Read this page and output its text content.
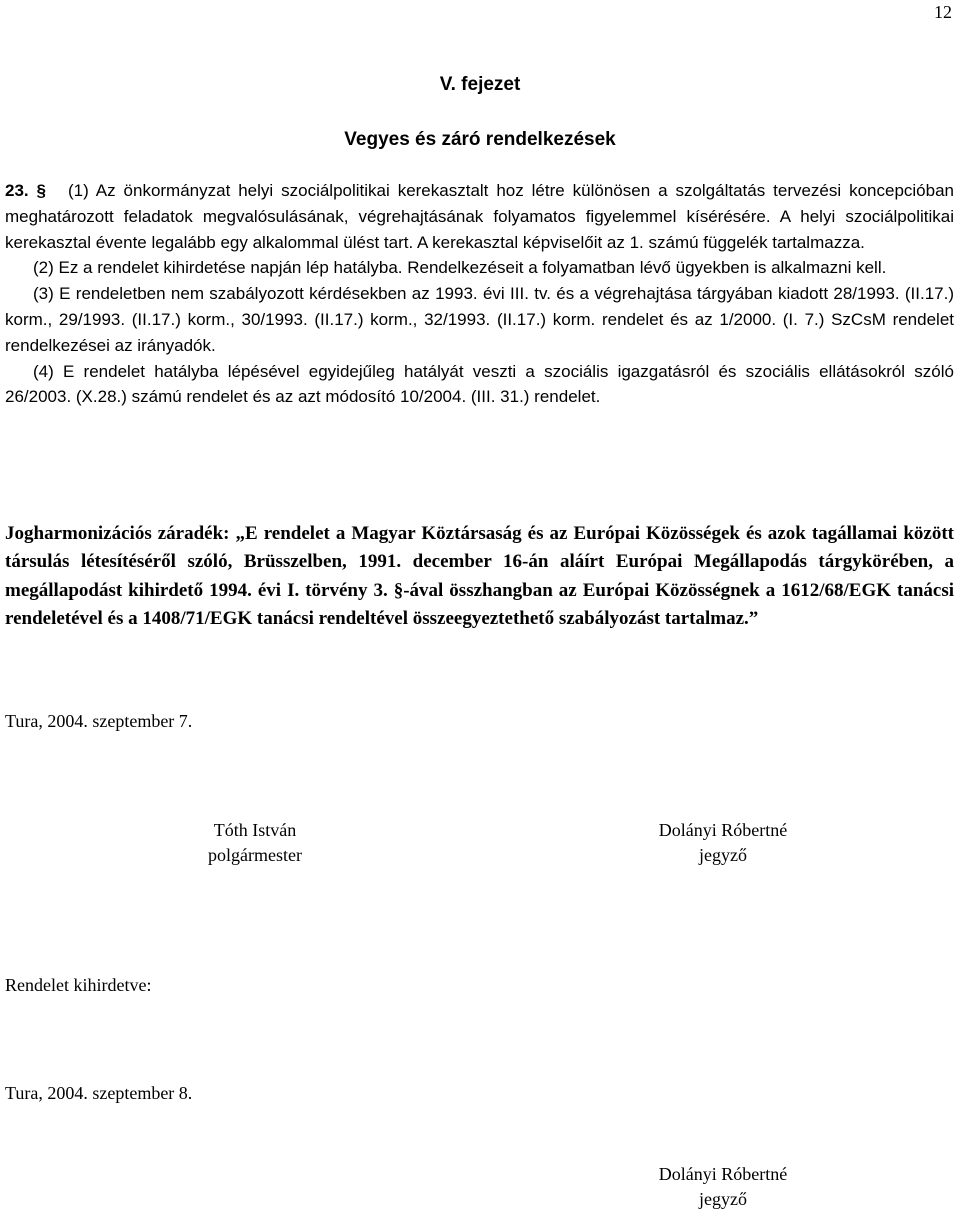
12
V. fejezet
Vegyes és záró rendelkezések

23. § (1) Az önkormányzat helyi szociálpolitikai kerekasztalt hoz létre különösen a szolgáltatás tervezési koncepcióban meghatározott feladatok megvalósulásának, végrehajtásának folyamatos figyelemmel kísérésére. A helyi szociálpolitikai kerekasztal évente legalább egy alkalommal ülést tart. A kerekasztal képviselőit az 1. számú függelék tartalmazza.

(2) Ez a rendelet kihirdetése napján lép hatályba. Rendelkezéseit a folyamatban lévő ügyekben is alkalmazni kell.

(3) E rendeletben nem szabályozott kérdésekben az 1993. évi III. tv. és a végrehajtása tárgyában kiadott 28/1993. (II.17.) korm., 29/1993. (II.17.) korm., 30/1993. (II.17.) korm., 32/1993. (II.17.) korm. rendelet és az 1/2000. (I. 7.) SzCsM rendelet rendelkezései az irányadók.

(4) E rendelet hatályba lépésével egyidejűleg hatályát veszti a szociális igazgatásról és szociális ellátásokról szóló 26/2003. (X.28.) számú rendelet és az azt módosító 10/2004. (III. 31.) rendelet.

Jogharmonizációs záradék: „E rendelet a Magyar Köztársaság és az Európai Közösségek és azok tagállamai között társulás létesítéséről szóló, Brüsszelben, 1991. december 16-án aláírt Európai Megállapodás tárgykörében, a megállapodást kihirdető 1994. évi I. törvény 3. §-ával összhangban az Európai Közösségnek a 1612/68/EGK tanácsi rendeletével és a 1408/71/EGK tanácsi rendeltével összeegyeztethető szabályozást tartalmaz.”

Tura, 2004. szeptember 7.
Tóth István
polgármester
Dolányi Róbertné
jegyző
Rendelet kihirdetve:
Tura, 2004. szeptember 8.
Dolányi Róbertné
jegyző
